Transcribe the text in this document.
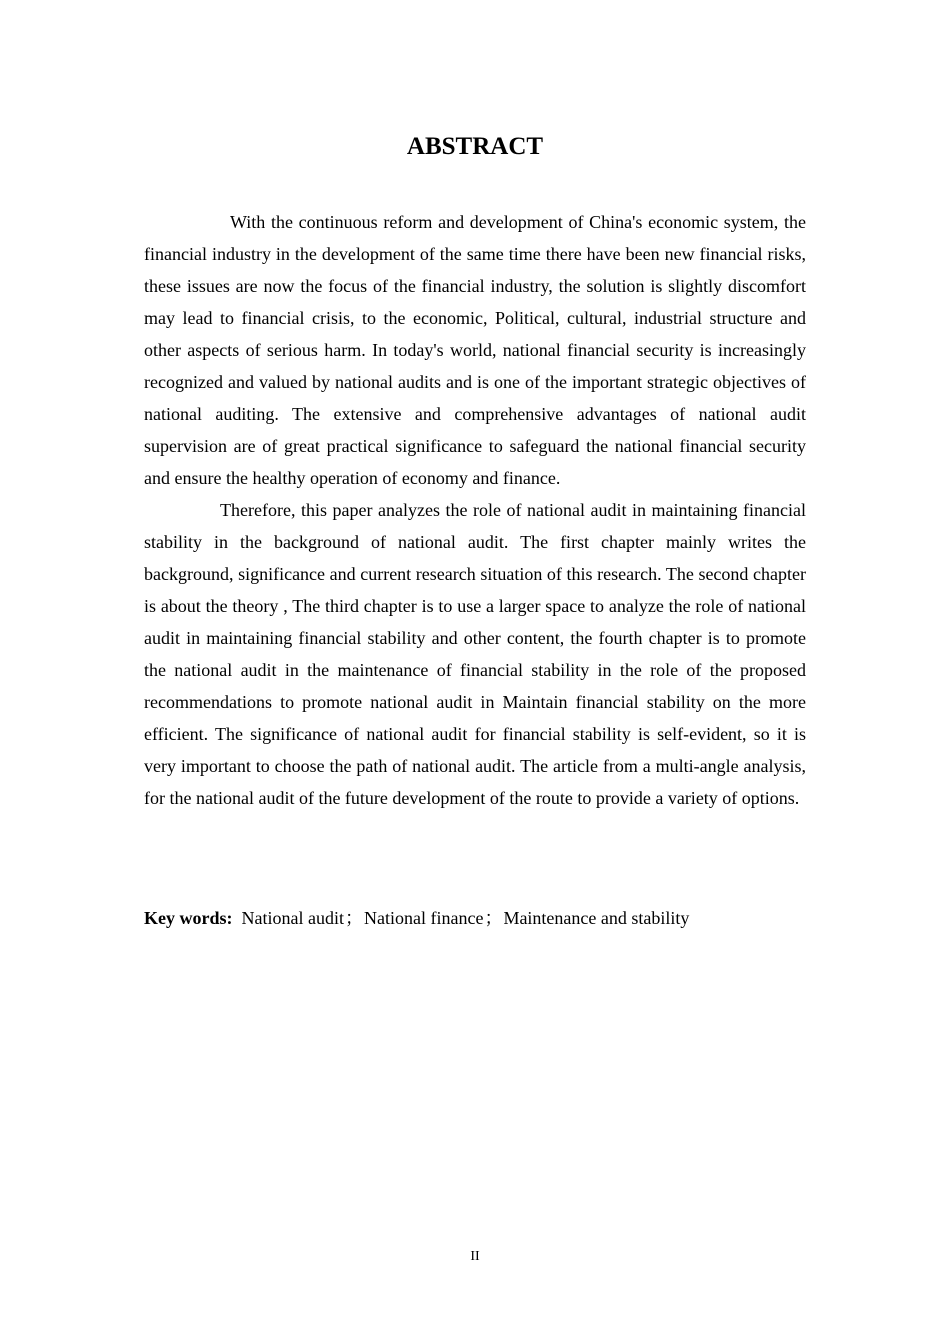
ABSTRACT

With the continuous reform and development of China's economic system, the financial industry in the development of the same time there have been new financial risks, these issues are now the focus of the financial industry, the solution is slightly discomfort may lead to financial crisis, to the economic, Political, cultural, industrial structure and other aspects of serious harm. In today's world, national financial security is increasingly recognized and valued by national audits and is one of the important strategic objectives of national auditing. The extensive and comprehensive advantages of national audit supervision are of great practical significance to safeguard the national financial security and ensure the healthy operation of economy and finance.

Therefore, this paper analyzes the role of national audit in maintaining financial stability in the background of national audit. The first chapter mainly writes the background, significance and current research situation of this research. The second chapter is about the theory , The third chapter is to use a larger space to analyze the role of national audit in maintaining financial stability and other content, the fourth chapter is to promote the national audit in the maintenance of financial stability in the role of the proposed recommendations to promote national audit in Maintain financial stability on the more efficient. The significance of national audit for financial stability is self-evident, so it is very important to choose the path of national audit. The article from a multi-angle analysis, for the national audit of the future development of the route to provide a variety of options.

Key words: National audit；National finance；Maintenance and stability

II
